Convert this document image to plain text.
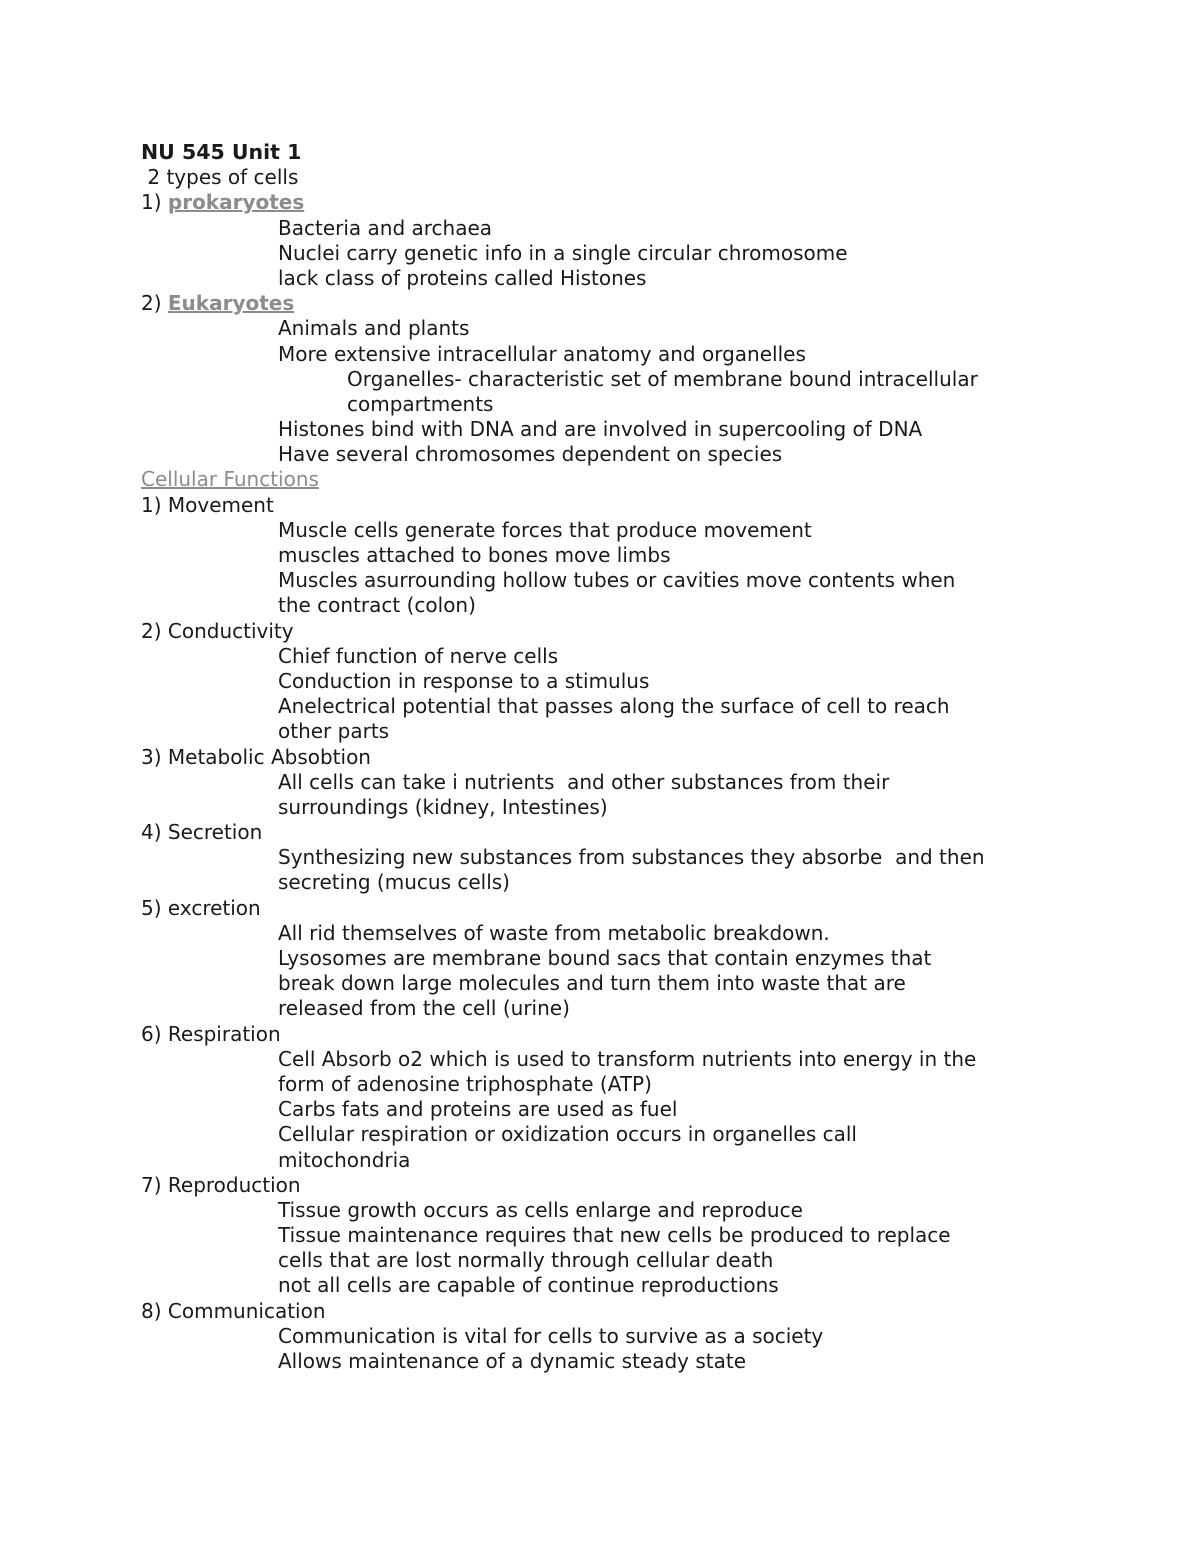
NU 545 Unit 1
2 types of cells
1) prokaryotes
Bacteria and archaea
Nuclei carry genetic info in a single circular chromosome
lack class of proteins called Histones
2) Eukaryotes
Animals and plants
More extensive intracellular anatomy and organelles
Organelles- characteristic set of membrane bound intracellular
compartments
Histones bind with DNA and are involved in supercooling of DNA
Have several chromosomes dependent on species
Cellular Functions
1) Movement
Muscle cells generate forces that produce movement
muscles attached to bones move limbs
Muscles asurrounding hollow tubes or cavities move contents when
the contract (colon)
2) Conductivity
Chief function of nerve cells
Conduction in response to a stimulus
Anelectrical potential that passes along the surface of cell to reach
other parts
3) Metabolic Absobtion
All cells can take i nutrients  and other substances from their
surroundings (kidney, Intestines)
4) Secretion
Synthesizing new substances from substances they absorbe  and then
secreting (mucus cells)
5) excretion
All rid themselves of waste from metabolic breakdown.
Lysosomes are membrane bound sacs that contain enzymes that
break down large molecules and turn them into waste that are
released from the cell (urine)
6) Respiration
Cell Absorb o2 which is used to transform nutrients into energy in the
form of adenosine triphosphate (ATP)
Carbs fats and proteins are used as fuel
Cellular respiration or oxidization occurs in organelles call
mitochondria
7) Reproduction
Tissue growth occurs as cells enlarge and reproduce
Tissue maintenance requires that new cells be produced to replace
cells that are lost normally through cellular death
not all cells are capable of continue reproductions
8) Communication
Communication is vital for cells to survive as a society
Allows maintenance of a dynamic steady state
